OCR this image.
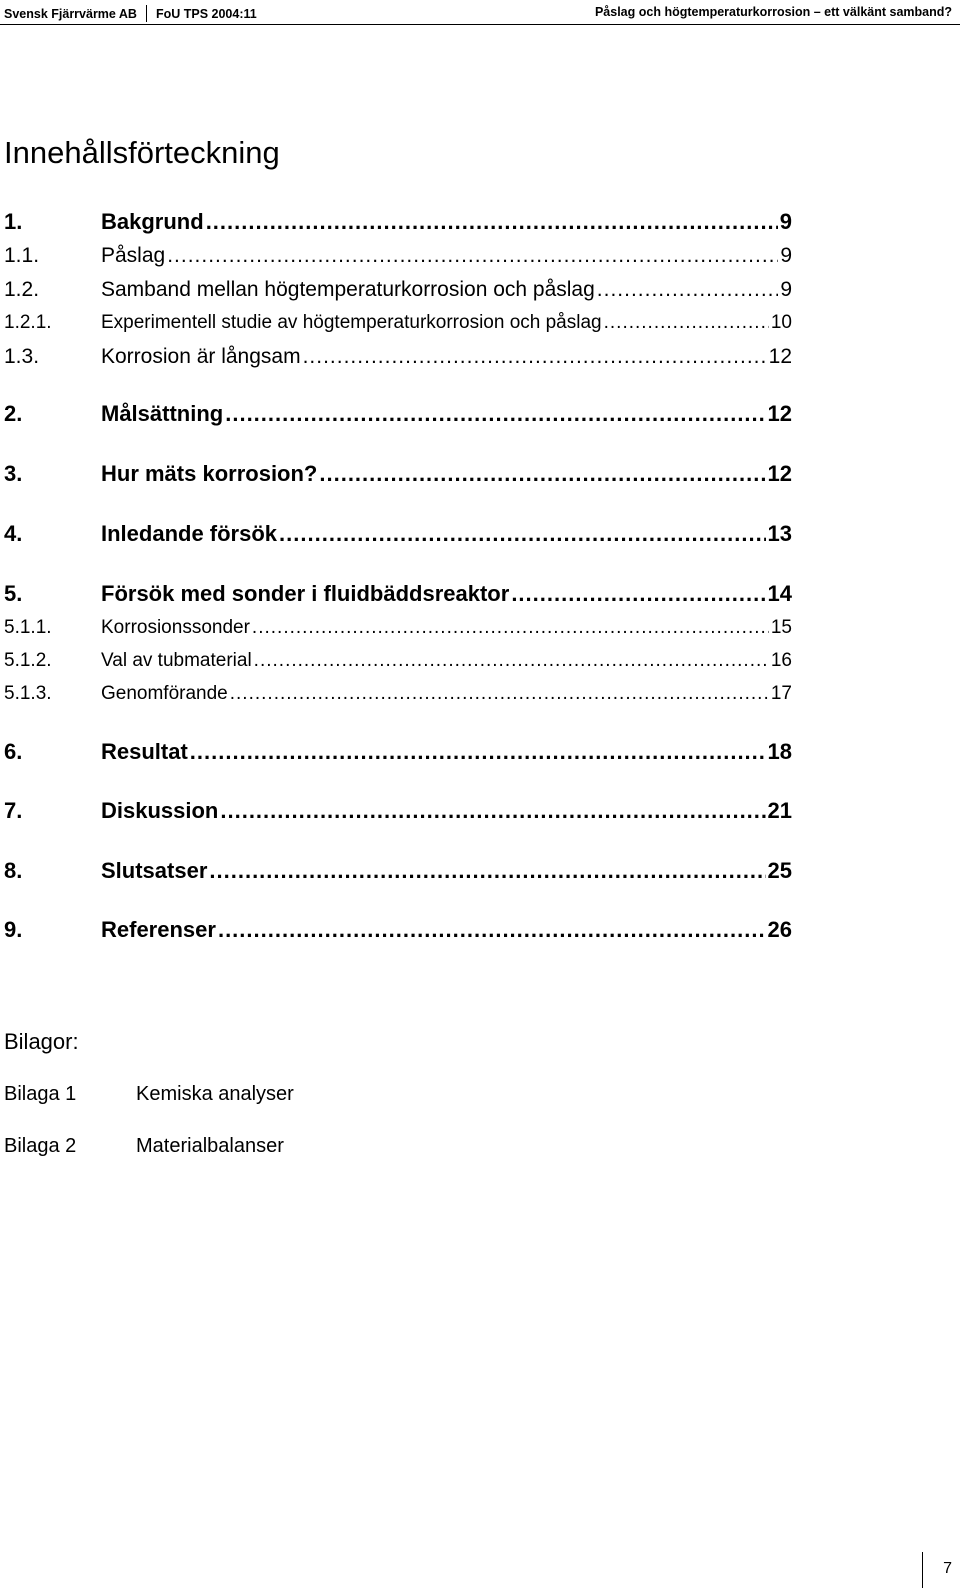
Svensk Fjärrvärme AB FoU TPS 2004:11	Påslag och högtemperaturkorrosion – ett välkänt samband?
Innehållsförteckning
1.	Bakgrund .....	9
1.1.	Påslag .....	9
1.2.	Samband mellan högtemperaturkorrosion och påslag .....	9
1.2.1.	Experimentell studie av högtemperaturkorrosion och påslag .....	10
1.3.	Korrosion är långsam .....	12
2.	Målsättning .....	12
3.	Hur mäts korrosion? .....	12
4.	Inledande försök .....	13
5.	Försök med sonder i fluidbäddsreaktor .....	14
5.1.1.	Korrosionssonder .....	15
5.1.2.	Val av tubmaterial .....	16
5.1.3.	Genomförande .....	17
6.	Resultat .....	18
7.	Diskussion .....	21
8.	Slutsatser .....	25
9.	Referenser .....	26
Bilagor:
Bilaga 1	Kemiska analyser
Bilaga 2	Materialbalanser
7
